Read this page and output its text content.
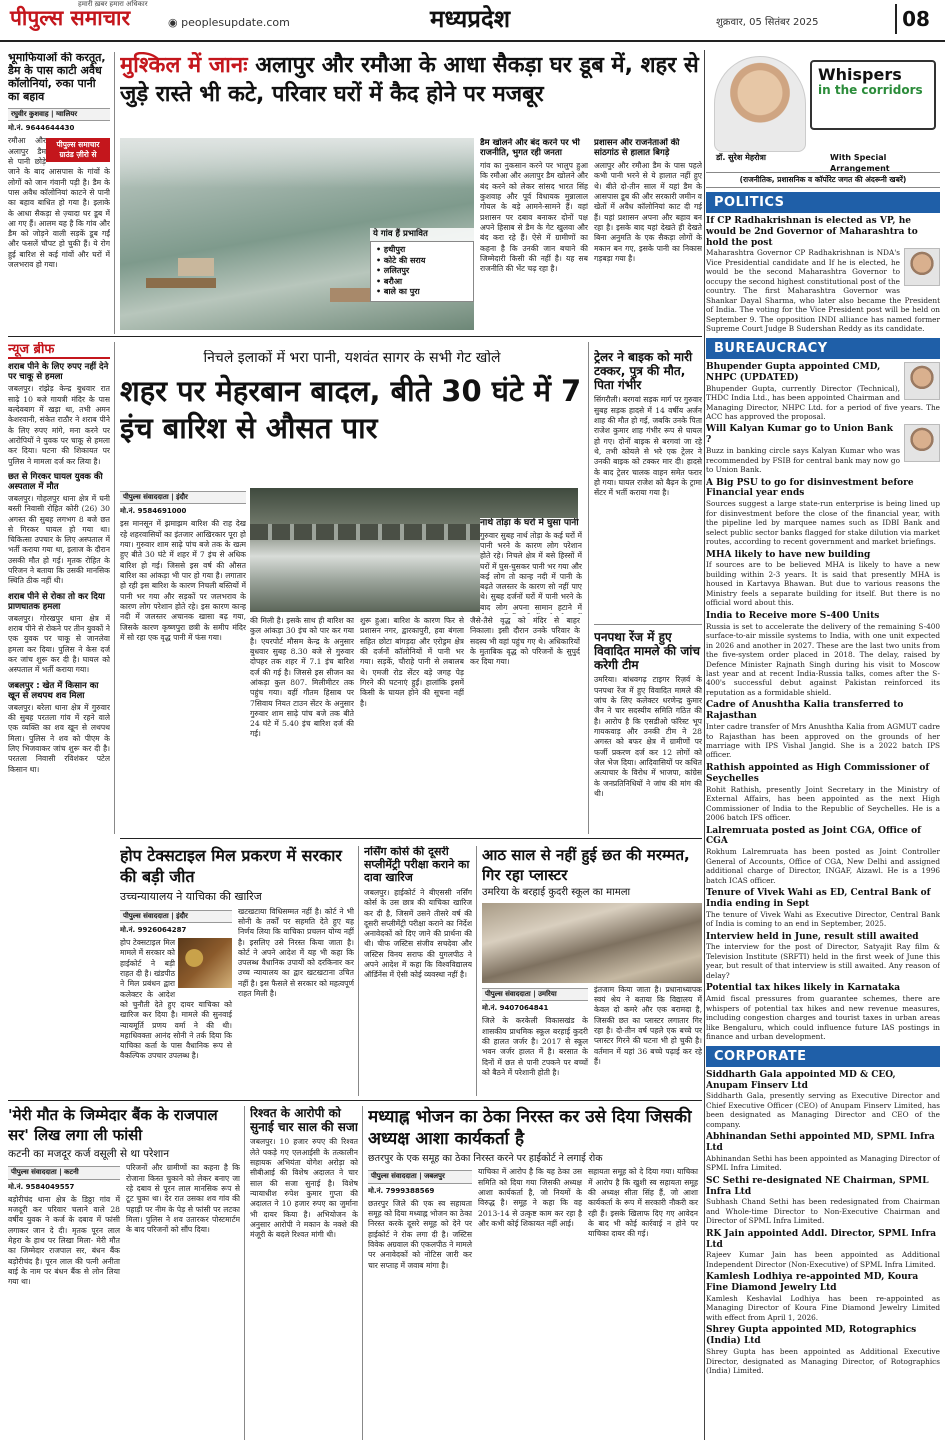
पीपुल्स समाचार
हमारी ख़बर हमारा अधिकार
◉ peoplesupdate.com	मध्यप्रदेश	शुक्रवार, 05 सितंबर 2025	08
भूमाफियाओं की करतूत, डैम के पास काटी अवैध कॉलोनियां, रुका पानी का बहाव
रघुवीर कुशवाह | ग्वालियर
मो.नं. 9644644430
पीपुल्स समाचार ग्राउंड ज़ीरो से
रमौआ और अलापुर डैम से पानी छोड़े जाने के बाद आसपास के गांवों के लोगों को जान गंवानी पड़ी है। डैम के पास अवैध कॉलोनियां काटने से पानी का बहाव बाधित हो गया है। इलाके के आधा सैकड़ा से ज़्यादा घर डूब में आ गए हैं। आलम यह है कि गांव और डैम को जोड़ने वाली सड़कें डूब गईं और फसलें चौपट हो चुकी हैं। ये रोग हुई बारिश से कई गांवों और घरों में जलभराव हो गया।
मुश्किल में जानः अलापुर और रमौआ के आधा सैकड़ा घर डूब में, शहर से जुड़े रास्ते भी कटे, परिवार घरों में कैद होने पर मजबूर
ये गांव हैं प्रभावित
• हथीपुरा
• कोटे की सराय
• ललितपुर
• बरौआ
• बाले का पुरा
डैम खोलने और बंद करने पर भी राजनीति, भुगत रही जनता
गांव का नुकसान करने पर भालुप हुआ कि रमौआ और अलापुर डैम खोलने और बंद करने को लेकर सांसद भारत सिंह कुशवाह और पूर्व विधायक मुन्नालाल गोयल के बड़े आमने-सामने हैं। वहां प्रशासन पर दबाव बनाकर दोनों पक्ष अपने हिसाब से डैम के गेट खुलवा और बंद करा रहे हैं। ऐसे में ग्रामीणों का कहना है कि उनकी जान बचाने की जिम्मेदारी किसी की नहीं है। यह सब राजनीति की भेंट चढ़ रहा है।
प्रशासन और राजनेताओं की सांठगांठ से हालात बिगड़े
अलापुर और रमौआ डैम के पास पहले कभी पानी भरने से ये हालात नहीं हुए थे। बीते दो-तीन साल में यहां डैम के आसपास डूब की और सरकारी जमीन व खेतों में अवैध कॉलोनियां काट दी गई हैं। यहां प्रशासन अपना और बहाव बन रहा है। इसके बाद यहां देखते ही देखते बिना अनुमति के एक सैकड़ा लोगों के मकान बन गए, इसके पानी का निकास गड़बड़ा गया है।
न्यूज ब्रीफ
शराब पीने के लिए रुपए नहीं देने पर चाकू से हमला
जबलपुर। रांझेड़ केन्द्र बुधवार रात साढ़े 10 बजे गायत्री मंदिर के पास बल्देवबाग में खड़ा था, तभी अमन केशरवानी, संकेत राठौर ने शराब पीने के लिए रुपए मांगे, मना करने पर आरोपियों ने युवक पर चाकू से हमला कर दिया। घटना की शिकायत पर पुलिस ने मामला दर्ज कर लिया है।
छत से गिरकर घायल युवक की अस्पताल में मौत
जबलपुर। गोहलपुर थाना क्षेत्र में घनी बस्ती निवासी रोहित कोरी (26) 30 अगस्त की सुबह लगभग 8 बजे छत से गिरकर घायल हो गया था। चिकित्सा उपचार के लिए अस्पताल में भर्ती कराया गया था, इलाज के दौरान उसकी मौत हो गई। मृतक रोहित के परिजन ने बताया कि उसकी मानसिक स्थिति ठीक नहीं थी।
शराब पीने से रोका तो कर दिया प्राणघातक हमला
जबलपुर। गोरखपुर थाना क्षेत्र में शराब पीने से रोकने पर तीन युवकों ने एक युवक पर चाकू से जानलेवा हमला कर दिया। पुलिस ने केस दर्ज कर जांच शुरू कर दी है। घायल को अस्पताल में भर्ती कराया गया।
जबलपुर : खेत में किसान का खून से लथपथ शव मिला
जबलपुर। बरेला थाना क्षेत्र में गुरुवार की सुबह परतला गांव में रहने वाले एक व्यक्ति का शव खून से लथपथ मिला। पुलिस ने शव को पीएम के लिए भिजवाकर जांच शुरू कर दी है। परतला निवासी रविशंकर पटेल किसान था।
निचले इलाकों में भरा पानी, यशवंत सागर के सभी गेट खोले
शहर पर मेहरबान बादल, बीते 30 घंटे में 7 इंच बारिश से औसत पार
पीपुल्स संवाददाता | इंदौर
मो.नं. 9584691000
इस मानसून में झमाझम बारिश की राह देख रहे शहरवासियों का इंतजार आखिरकार पूरा हो गया। गुरुवार शाम साढ़े पांच बजे तक के खत्म हुए बीते 30 घंटे में शहर में 7 इंच से अधिक बारिश हो गई। जिससे इस वर्ष की औसत बारिश का आंकड़ा भी पार हो गया है। लगातार हो रही इस बारिश के कारण निचली बस्तियों में पानी भर गया और सड़कों पर जलभराव के कारण लोग परेशान होते रहे। इस कारण कान्ह नदी में जलस्तर अचानक खासा बढ़ गया, जिसके कारण कृष्णपुरा छत्री के समीप मंदिर में सो रहा एक वृद्ध पानी में फंस गया।
की मिली है। इसके साथ ही बारिश का कुल आंकड़ा 30 इंच को पार कर गया है। एयरपोर्ट मौसम केन्द्र के अनुसार बुधवार सुबह 8.30 बजे से गुरुवार दोपहर तक शहर में 7.1 इंच बारिश दर्ज की गई है। जिससे इस सीजन का आंकड़ा कुल 807. मिलीमीटर तक पहुंच गया। वहीं गौतम हिसाब पर 7सिवाय नियत टाउन सेंटर के अनुसार गुरुवार शाम साढ़े पांच बजे तक बीते 24 घंटे में 5.40 इंच बारिश दर्ज की गई।
शुरू हुआ। बारिश के कारण फिर से प्रशासन नगर, द्वारकापुरी, हवा बंगला सहित छोटा बांगड़दा और एरोड्रम क्षेत्र की दर्जनों कॉलोनियों में पानी भर गया। सड़कें, चौराहे पानी से लबालब थे। एमजी रोड सेंटर बड़े जगह पेड़ गिरने की घटनाएं हुईं। हालांकि इसमें किसी के घायल होने की सूचना नहीं है।
जैसे-तैसे वृद्ध को मंदिर से बाहर निकाला। इसी दौरान उनके परिवार के सदस्य भी वहां पहुंच गए थे। अधिकारियों के मुताबिक वृद्ध को परिजनों के सुपुर्द कर दिया गया।
नार्थ तोड़ा के घरों में घुसा पानी
गुरुवार सुबह नार्थ तोड़ा के कई घरों में पानी भरने के कारण लोग परेशान होते रहे। निचले क्षेत्र में बसे हिस्सों में घरों में घुस-घुसकर पानी भर गया और कई लोग तो कान्ह नदी में पानी के बढ़ते जलस्तर के कारण सो नहीं पाए थे। सुबह दर्जनों घरों में पानी भरने के बाद लोग अपना सामान हटाने में
ट्रेलर ने बाइक को मारी टक्कर, पुत्र की मौत, पिता गंभीर
सिंगरौली। बरगवां सड़क मार्ग पर गुरुवार सुबह सड़क हादसे में 14 वर्षीय अर्जन शाह की मौत हो गई, जबकि उनके पिता राजेश कुमार शाह गंभीर रूप से घायल हो गए। दोनों बाइक से बरगवां जा रहे थे, तभी कोयले से भरे एक ट्रेलर ने उनकी बाइक को टक्कर मार दी। हादसे के बाद ट्रेलर चालक वाहन समेत फरार हो गया। घायल राजेश को बैढ़न के ट्रामा सेंटर में भर्ती कराया गया है।
पनपथा रेंज में हुए विवादित मामले की जांच करेगी टीम
उमरिया। बांधवगढ़ टाइगर रिज़र्व के पनपथा रेंज में हुए विवादित मामले की जांच के लिए कलेक्टर धरणेन्द्र कुमार जैन ने चार सदस्यीय समिति गठित की है। आरोप है कि एसडीओ फॉरेस्ट भूप गायकवाड़ और उनकी टीम ने 28 अगस्त को बफर क्षेत्र में ग्रामीणों पर फर्जी प्रकरण दर्ज कर 12 लोगों को जेल भेज दिया। आदिवासियों पर कथित अत्याचार के विरोध में भाजपा, कांग्रेस के जनप्रतिनिधियों ने जांच की मांग की थी।
होप टेक्सटाइल मिल प्रकरण में सरकार की बड़ी जीत
उच्चन्यायालय ने याचिका की खारिज
पीपुल्स संवाददाता | इंदौर
मो.नं. 9926064287
होप टेक्सटाइल मिल मामले में सरकार को हाईकोर्ट ने बड़ी राहत दी है। खंडपीठ ने मिल प्रबंधन द्वारा कलेक्टर के आदेश को चुनौती देते हुए दायर याचिका को खारिज कर दिया है। मामले की सुनवाई न्यायमूर्ति प्रणय वर्मा ने की थी। महाधिवक्ता आनंद सोनी ने तर्क दिया कि याचिका कर्ता के पास वैधानिक रूप से वैकल्पिक उपचार उपलब्ध है।
खटखटाया विधिसम्मत नहीं है। कोर्ट ने भी सोनी के तर्कों पर सहमति देते हुए यह निर्णय लिया कि याचिका प्रचलन योग्य नहीं है। इसलिए उसे निरस्त किया जाता है। कोर्ट ने अपने आदेश में यह भी कहा कि उपलब्ध वैधानिक उपायों को दरकिनार कर उच्च न्यायालय का द्वार खटखटाना उचित नहीं है। इस फैसले से सरकार को महत्वपूर्ण राहत मिली है।
नर्सिंग कोर्स की दूसरी सप्लीमेंट्री परीक्षा कराने का दावा खारिज
जबलपुर। हाईकोर्ट ने बीएससी नर्सिंग कोर्स के उस छात्र की याचिका खारिज कर दी है, जिसमें उसने तीसरे वर्ष की दूसरी सप्लीमेंट्री परीक्षा कराने का निर्देश अनावेदकों को दिए जाने की प्रार्थना की थी। चीफ जस्टिस संजीव सचदेवा और जस्टिस विनय सराफ की युगलपीठ ने अपने आदेश में कहा कि विश्वविद्यालय ऑर्डिनेंस में ऐसी कोई व्यवस्था नहीं है।
आठ साल से नहीं हुई छत की मरम्मत, गिर रहा प्लास्टर
उमरिया के बरहाई कुदरी स्कूल का मामला
पीपुल्स संवाददाता | उमरिया
मो.नं. 9407064841
जिले के करकेली विकासखंड के शासकीय प्राथमिक स्कूल बरहाई कुदरी की हालत जर्जर है। 2017 से स्कूल भवन जर्जर हालत में है। बरसात के दिनों में छत से पानी टपकने पर बच्चों को बैठने में परेशानी होती है।
इंतजाम किया जाता है। प्रधानाध्यापक स्वयं श्रेय ने बताया कि विद्यालय में केवल दो कमरे और एक बरामदा है, जिसकी छत का प्लास्टर लगातार गिर रहा है। दो-तीन वर्ष पहले एक बच्चे पर प्लास्टर गिरने की घटना भी हो चुकी है। वर्तमान में यहां 36 बच्चे पढ़ाई कर रहे हैं।
'मेरी मौत के जिम्मेदार बैंक के राजपाल सर' लिख लगा ली फांसी
कटनी का मजदूर कर्ज वसूली से था परेशान
पीपुल्स संवाददाता | कटनी
मो.नं. 9584049557
बड़ोरीचंद थाना क्षेत्र के डिठ्ठा गांव में मजदूरी कर परिवार चलाने वाले 28 वर्षीय युवक ने कर्ज के दबाव में फांसी लगाकर जान दे दी। मृतक पूरन लाल मेहरा के हाथ पर लिखा मिला- मेरी मौत का जिम्मेदार राजपाल सर, बंधन बैंक बड़ोरीचंद है। पूरन लाल की पत्नी अनीता बाई के नाम पर बंधन बैंक से लोन लिया गया था।
परिजनों और ग्रामीणों का कहना है कि रोजाना किस्त चुकाने को लेकर बनाए जा रहे दबाव से पूरन लाल मानसिक रूप से टूट चुका था। देर रात उसका शव गांव की पहाड़ी पर नीम के पेड़ से फांसी पर लटका मिला। पुलिस ने शव उतारकर पोस्टमार्टम के बाद परिजनों को सौंप दिया।
रिश्वत के आरोपी को सुनाई चार साल की सजा
जबलपुर। 10 हजार रुपए की रिश्वत लेते पकड़े गए एलआईसी के तत्कालीन सहायक अभियंता योगेश अरोड़ा को सीबीआई की विशेष अदालत ने चार साल की सजा सुनाई है। विशेष न्यायाधीश रुपेश कुमार गुप्ता की अदालत ने 10 हजार रुपए का जुर्माना भी दायर किया है। अभियोजन के अनुसार आरोपी ने मकान के नक्शे की मंजूरी के बदले रिश्वत मांगी थी।
मध्याह्न भोजन का ठेका निरस्त कर उसे दिया जिसकी अध्यक्ष आशा कार्यकर्ता है
छतरपुर के एक समूह का ठेका निरस्त करने पर हाईकोर्ट ने लगाई रोक
पीपुल्स संवाददाता | जबलपुर
मो.नं. 7999388569
छतरपुर जिले की एक स्व सहायता समूह को दिया मध्याह्न भोजन का ठेका निरस्त करके दूसरे समूह को देने पर हाईकोर्ट ने रोक लगा दी है। जस्टिस विवेक अग्रवाल की एकलपीठ ने मामले पर अनावेदकों को नोटिस जारी कर चार सप्ताह में जवाब मांगा है।
याचिका में आरोप है कि यह ठेका उस समिति को दिया गया जिसकी अध्यक्ष आशा कार्यकर्ता है, जो नियमों के विरुद्ध है। समूह ने कहा कि वह 2013-14 से उत्कृष्ट काम कर रहा है और कभी कोई शिकायत नहीं आई।
सहायता समूह को दे दिया गया। याचिका में आरोप है कि खुशी स्व सहायता समूह की अध्यक्ष सीता सिंह हैं, जो आशा कार्यकर्ता के रूप में सरकारी नौकरी कर रही हैं। इसके खिलाफ दिए गए आवेदन के बाद भी कोई कार्रवाई न होने पर याचिका दायर की गई।
Whispers
in the corridors
डॉ. सुरेश मेहरोत्रा	With Special Arrangement
(राजनीतिक, प्रशासनिक व कॉर्पोरेट जगत की अंदरूनी खबरें)
POLITICS
If CP Radhakrishnan is elected as VP, he would be 2nd Governor of Maharashtra to hold the post
Maharashtra Governor CP Radhakrishnan is NDA's Vice Presidential candidate and If he is elected, he would be the second Maharashtra Governor to occupy the second highest constitutional post of the country. The first Maharashtra Governor was Shankar Dayal Sharma, who later also became the President of India. The voting for the Vice President post will be held on September 9. The opposition INDI alliance has named former Supreme Court Judge B Sudershan Reddy as its candidate.
BUREAUCRACY
Bhupender Gupta appointed CMD, NHPC (UPDATED)
Bhupender Gupta, currently Director (Technical), THDC India Ltd., has been appointed Chairman and Managing Director, NHPC Ltd. for a period of five years. The ACC has approved the proposal.
Will Kalyan Kumar go to Union Bank ?
Buzz in banking circle says Kalyan Kumar who was recommended by FSIB for central bank may now go to Union Bank.
A Big PSU to go for disinvestment before Financial year ends
Sources suggest a large state-run enterprise is being lined up for disinvestment before the close of the financial year, with the pipeline led by marquee names such as IDBI Bank and select public sector banks flagged for stake dilution via market routes, according to recent government and market briefings.
MHA likely to have new building
If sources are to be believed MHA is likely to have a new building within 2-3 years. It is said that presently MHA is housed in Kartavya Bhawan. But due to various reasons the Ministry feels a separate building for itself. But there is no official word about this.
India to Receive more S-400 Units
Russia is set to accelerate the delivery of the remaining S-400 surface-to-air missile systems to India, with one unit expected in 2026 and another in 2027. These are the last two units from the five-system order placed in 2018. The delay, raised by Defence Minister Rajnath Singh during his visit to Moscow last year and at recent India-Russia talks, comes after the S-400's successful debut against Pakistan reinforced its reputation as a formidable shield.
Cadre of Anushtha Kalia transferred to Rajasthan
Inter cadre transfer of Mrs Anushtha Kalia from AGMUT cadre to Rajasthan has been approved on the grounds of her marriage with IPS Vishal Jangid. She is a 2022 batch IPS officer.
Rathish appointed as High Commissioner of Seychelles
Rohit Rathish, presently Joint Secretary in the Ministry of External Affairs, has been appointed as the next High Commissioner of India to the Republic of Seychelles. He is a 2006 batch IFS officer.
Lalremruata posted as Joint CGA, Office of CGA
Rokhum Lalremruata has been posted as Joint Controller General of Accounts, Office of CGA, New Delhi and assigned additional charge of Director, INGAF, Aizawl. He is a 1996 batch ICAS officer.
Tenure of Vivek Wahi as ED, Central Bank of India ending in Sept
The tenure of Vivek Wahi as Executive Director, Central Bank of India is coming to an end in September, 2025.
Interview held in June, result still awaited
The interview for the post of Director, Satyajit Ray film & Television Institute (SRFTI) held in the first week of June this year, but result of that interview is still awaited. Any reason of delay?
Potential tax hikes likely in Karnataka
Amid fiscal pressures from guarantee schemes, there are whispers of potential tax hikes and new revenue measures, including congestion charges and tourist taxes in urban areas like Bengaluru, which could influence future IAS postings in finance and urban development.
CORPORATE
Siddharth Gala appointed MD & CEO, Anupam Finserv Ltd
Siddharth Gala, presently serving as Executive Director and Chief Executive Officer (CEO) of Anupam Finserv Limited, has been designated as Managing Director and CEO of the company.
Abhinandan Sethi appointed MD, SPML Infra Ltd
Abhinandan Sethi has been appointed as Managing Director of SPML Infra Limited.
SC Sethi re-designated NE Chairman, SPML Infra Ltd
Subhash Chand Sethi has been redesignated from Chairman and Whole-time Director to Non-Executive Chairman and Director of SPML Infra Limited.
RK Jain appointed Addl. Director, SPML Infra Ltd
Rajeev Kumar Jain has been appointed as Additional Independent Director (Non-Executive) of SPML Infra Limited.
Kamlesh Lodhiya re-appointed MD, Koura Fine Diamond Jewelry Ltd
Kamlesh Keshavlal Lodhiya has been re-appointed as Managing Director of Koura Fine Diamond Jewelry Limited with effect from April 1, 2026.
Shrey Gupta appointed MD, Rotographics (India) Ltd
Shrey Gupta has been appointed as Additional Executive Director, designated as Managing Director, of Rotographics (India) Limited.
